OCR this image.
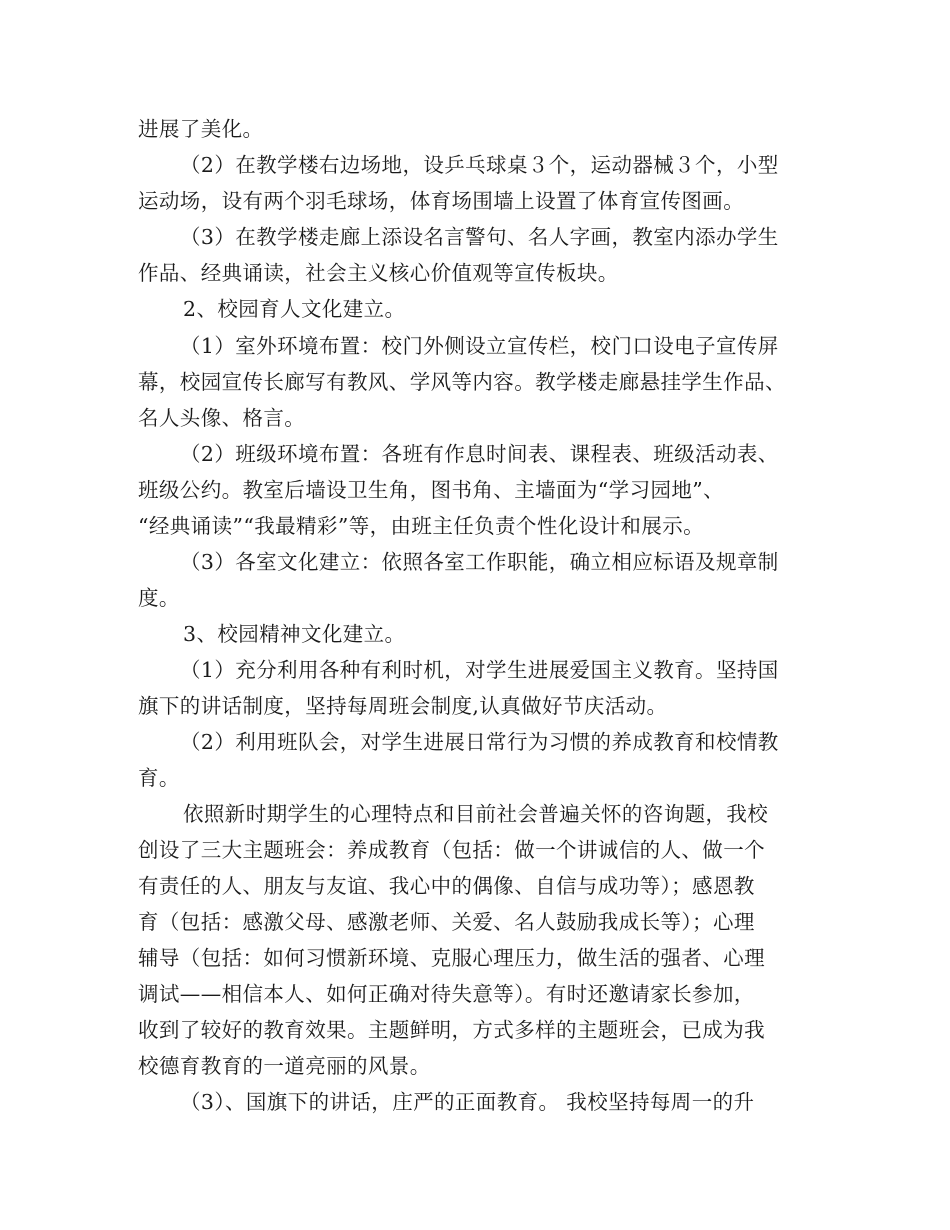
进展了美化。
（2）在教学楼右边场地，设乒乓球桌３个，运动器械３个，小型
运动场，设有两个羽毛球场，体育场围墙上设置了体育宣传图画。
（3）在教学楼走廊上添设名言警句、名人字画，教室内添办学生
作品、经典诵读，社会主义核心价值观等宣传板块。
2、校园育人文化建立。
（1）室外环境布置：校门外侧设立宣传栏，校门口设电子宣传屏
幕，校园宣传长廊写有教风、学风等内容。教学楼走廊悬挂学生作品、
名人头像、格言。
（2）班级环境布置：各班有作息时间表、课程表、班级活动表、
班级公约。教室后墙设卫生角，图书角、主墙面为“学习园地”、
“经典诵读”“我最精彩”等，由班主任负责个性化设计和展示。
（3）各室文化建立：依照各室工作职能，确立相应标语及规章制
度。
3、校园精神文化建立。
（1）充分利用各种有利时机，对学生进展爱国主义教育。坚持国
旗下的讲话制度，坚持每周班会制度,认真做好节庆活动。
（2）利用班队会，对学生进展日常行为习惯的养成教育和校情教
育。
依照新时期学生的心理特点和目前社会普遍关怀的咨询题，我校
创设了三大主题班会：养成教育（包括：做一个讲诚信的人、做一个
有责任的人、朋友与友谊、我心中的偶像、自信与成功等）；感恩教
育（包括：感激父母、感激老师、关爱、名人鼓励我成长等）；心理
辅导（包括：如何习惯新环境、克服心理压力，做生活的强者、心理
调试——相信本人、如何正确对待失意等）。有时还邀请家长参加，
收到了较好的教育效果。主题鲜明，方式多样的主题班会，已成为我
校德育教育的一道亮丽的风景。
（3）、国旗下的讲话，庄严的正面教育。 我校坚持每周一的升
